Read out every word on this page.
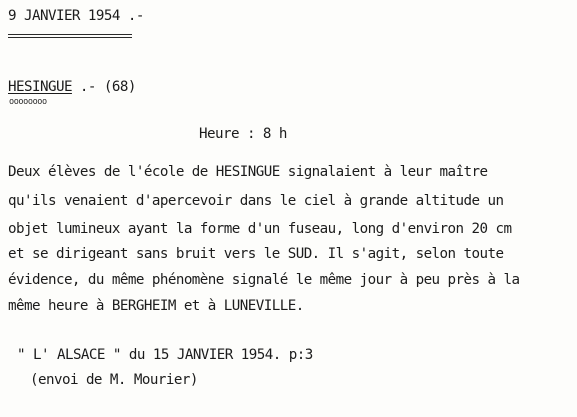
9 JANVIER 1954 .-
HESINGUE .- (68)
oooooooo
Heure : 8 h
Deux élèves de l'école de HESINGUE signalaient à leur maître
qu'ils venaient d'apercevoir dans le ciel à grande altitude un
objet lumineux ayant la forme d'un fuseau, long d'environ 20 cm
et se dirigeant sans bruit vers le SUD. Il s'agit, selon toute
évidence, du même phénomène signalé le même jour à peu près à la
même heure à BERGHEIM et à LUNEVILLE.
" L' ALSACE " du 15 JANVIER 1954. p:3
(envoi de M. Mourier)
